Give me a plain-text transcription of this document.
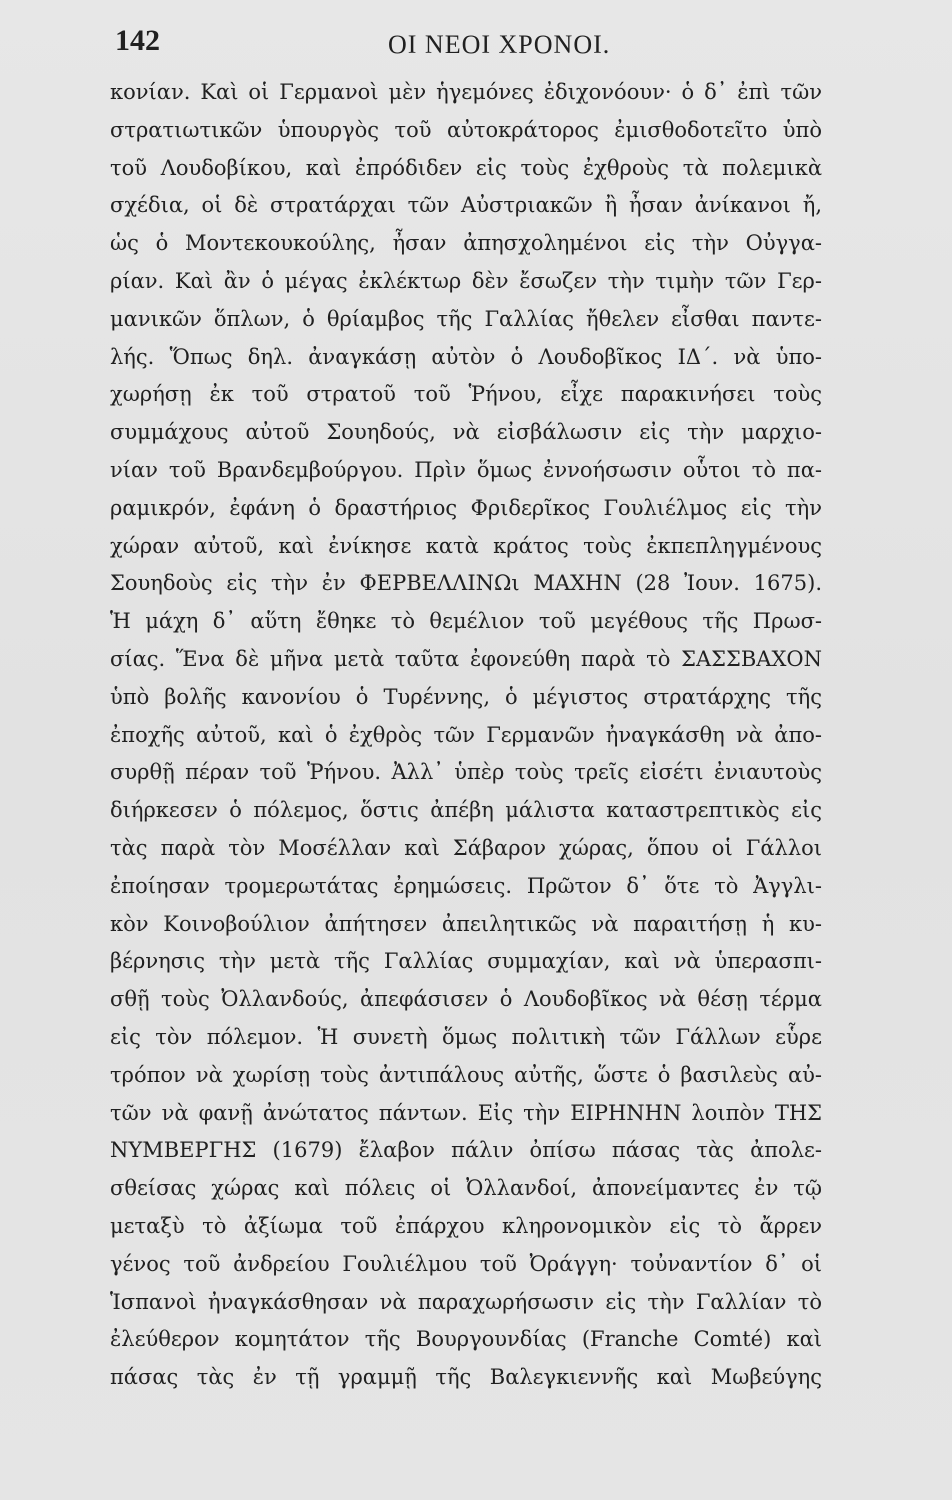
142	ΟΙ ΝΕΟΙ ΧΡΟΝΟΙ.
κονίαν. Καὶ οἱ Γερμανοὶ μὲν ἡγεμόνες ἐδιχονόουν· ὁ δ᾽ ἐπὶ τῶν
στρατιωτικῶν ὑπουργὸς τοῦ αὐτοκράτορος ἐμισθοδοτεῖτο ὑπὸ
τοῦ Λουδοβίκου, καὶ ἐπρόδιδεν εἰς τοὺς ἐχθροὺς τὰ πολεμικὰ
σχέδια, οἱ δὲ στρατάρχαι τῶν Αὐστριακῶν ἢ ἦσαν ἀνίκανοι ἤ,
ὡς ὁ Μοντεκουκούλης, ἦσαν ἀπησχολημένοι εἰς τὴν Οὐγγα-
ρίαν. Καὶ ἂν ὁ μέγας ἐκλέκτωρ δὲν ἔσωζεν τὴν τιμὴν τῶν Γερ-
μανικῶν ὅπλων, ὁ θρίαμβος τῆς Γαλλίας ἤθελεν εἶσθαι παντε-
λής. Ὅπως δηλ. ἀναγκάσῃ αὐτὸν ὁ Λουδοβῖκος ΙΔ΄. νὰ ὑπο-
χωρήσῃ ἐκ τοῦ στρατοῦ τοῦ Ῥήνου, εἶχε παρακινήσει τοὺς
συμμάχους αὐτοῦ Σουηδούς, νὰ εἰσβάλωσιν εἰς τὴν μαρχιο-
νίαν τοῦ Βρανδεμβούργου. Πρὶν ὅμως ἐννοήσωσιν οὗτοι τὸ πα-
ραμικρόν, ἐφάνη ὁ δραστήριος Φριδερῖκος Γουλιέλμος εἰς τὴν
χώραν αὐτοῦ, καὶ ἐνίκησε κατὰ κράτος τοὺς ἐκπεπληγμένους
Σουηδοὺς εἰς τὴν ἐν ΦΕΡΒΕΛΛΙΝΩι ΜΑΧΗΝ (28 Ἰουν. 1675).
Ἡ μάχη δ᾽ αὕτη ἔθηκε τὸ θεμέλιον τοῦ μεγέθους τῆς Πρωσ-
σίας. Ἕνα δὲ μῆνα μετὰ ταῦτα ἐφονεύθη παρὰ τὸ ΣΑΣΣΒΑΧΟΝ
ὑπὸ βολῆς κανονίου ὁ Τυρέννης, ὁ μέγιστος στρατάρχης τῆς
ἐποχῆς αὐτοῦ, καὶ ὁ ἐχθρὸς τῶν Γερμανῶν ἠναγκάσθη νὰ ἀπο-
συρθῇ πέραν τοῦ Ῥήνου. Ἀλλ᾽ ὑπὲρ τοὺς τρεῖς εἰσέτι ἐνιαυτοὺς
διήρκεσεν ὁ πόλεμος, ὅστις ἀπέβη μάλιστα καταστρεπτικὸς εἰς
τὰς παρὰ τὸν Μοσέλλαν καὶ Σάβαρον χώρας, ὅπου οἱ Γάλλοι
ἐποίησαν τρομερωτάτας ἐρημώσεις. Πρῶτον δ᾽ ὅτε τὸ Ἀγγλι-
κὸν Κοινοβούλιον ἀπήτησεν ἀπειλητικῶς νὰ παραιτήσῃ ἡ κυ-
βέρνησις τὴν μετὰ τῆς Γαλλίας συμμαχίαν, καὶ νὰ ὑπερασπι-
σθῇ τοὺς Ὀλλανδούς, ἀπεφάσισεν ὁ Λουδοβῖκος νὰ θέσῃ τέρμα
εἰς τὸν πόλεμον. Ἡ συνετὴ ὅμως πολιτικὴ τῶν Γάλλων εὗρε
τρόπον νὰ χωρίσῃ τοὺς ἀντιπάλους αὐτῆς, ὥστε ὁ βασιλεὺς αὐ-
τῶν νὰ φανῇ ἀνώτατος πάντων. Εἰς τὴν ΕΙΡΗΝΗΝ λοιπὸν ΤΗΣ
ΝΥΜΒΕΡΓΗΣ (1679) ἔλαβον πάλιν ὀπίσω πάσας τὰς ἀπολε-
σθείσας χώρας καὶ πόλεις οἱ Ὀλλανδοί, ἀπονείμαντες ἐν τῷ
μεταξὺ τὸ ἀξίωμα τοῦ ἐπάρχου κληρονομικὸν εἰς τὸ ἄρρεν
γένος τοῦ ἀνδρείου Γουλιέλμου τοῦ Ὀράγγη· τοὐναντίον δ᾽ οἱ
Ἱσπανοὶ ἠναγκάσθησαν νὰ παραχωρήσωσιν εἰς τὴν Γαλλίαν τὸ
ἐλεύθερον κομητάτον τῆς Βουργουνδίας (Franche Comté) καὶ
πάσας τὰς ἐν τῇ γραμμῇ τῆς Βαλεγκιεννῆς καὶ Μωβεύγης
